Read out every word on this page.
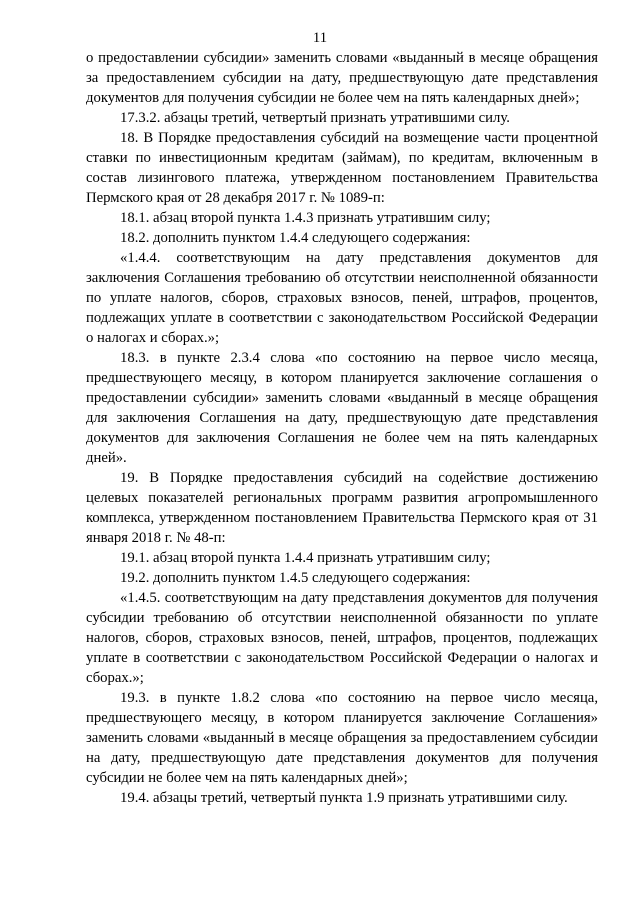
11

о предоставлении субсидии» заменить словами «выданный в месяце обращения за предоставлением субсидии на дату, предшествующую дате представления документов для получения субсидии не более чем на пять календарных дней»;

17.3.2. абзацы третий, четвертый признать утратившими силу.

18. В Порядке предоставления субсидий на возмещение части процентной ставки по инвестиционным кредитам (займам), по кредитам, включенным в состав лизингового платежа, утвержденном постановлением Правительства Пермского края от 28 декабря 2017 г. № 1089-п:

18.1. абзац второй пункта 1.4.3 признать утратившим силу;

18.2. дополнить пунктом 1.4.4 следующего содержания:

«1.4.4. соответствующим на дату представления документов для заключения Соглашения требованию об отсутствии неисполненной обязанности по уплате налогов, сборов, страховых взносов, пеней, штрафов, процентов, подлежащих уплате в соответствии с законодательством Российской Федерации о налогах и сборах.»;

18.3. в пункте 2.3.4 слова «по состоянию на первое число месяца, предшествующего месяцу, в котором планируется заключение соглашения о предоставлении субсидии» заменить словами «выданный в месяце обращения для заключения Соглашения на дату, предшествующую дате представления документов для заключения Соглашения не более чем на пять календарных дней».

19. В Порядке предоставления субсидий на содействие достижению целевых показателей региональных программ развития агропромышленного комплекса, утвержденном постановлением Правительства Пермского края от 31 января 2018 г. № 48-п:

19.1. абзац второй пункта 1.4.4 признать утратившим силу;

19.2. дополнить пунктом 1.4.5 следующего содержания:

«1.4.5. соответствующим на дату представления документов для получения субсидии требованию об отсутствии неисполненной обязанности по уплате налогов, сборов, страховых взносов, пеней, штрафов, процентов, подлежащих уплате в соответствии с законодательством Российской Федерации о налогах и сборах.»;

19.3. в пункте 1.8.2 слова «по состоянию на первое число месяца, предшествующего месяцу, в котором планируется заключение Соглашения» заменить словами «выданный в месяце обращения за предоставлением субсидии на дату, предшествующую дате представления документов для получения субсидии не более чем на пять календарных дней»;

19.4. абзацы третий, четвертый пункта 1.9 признать утратившими силу.
